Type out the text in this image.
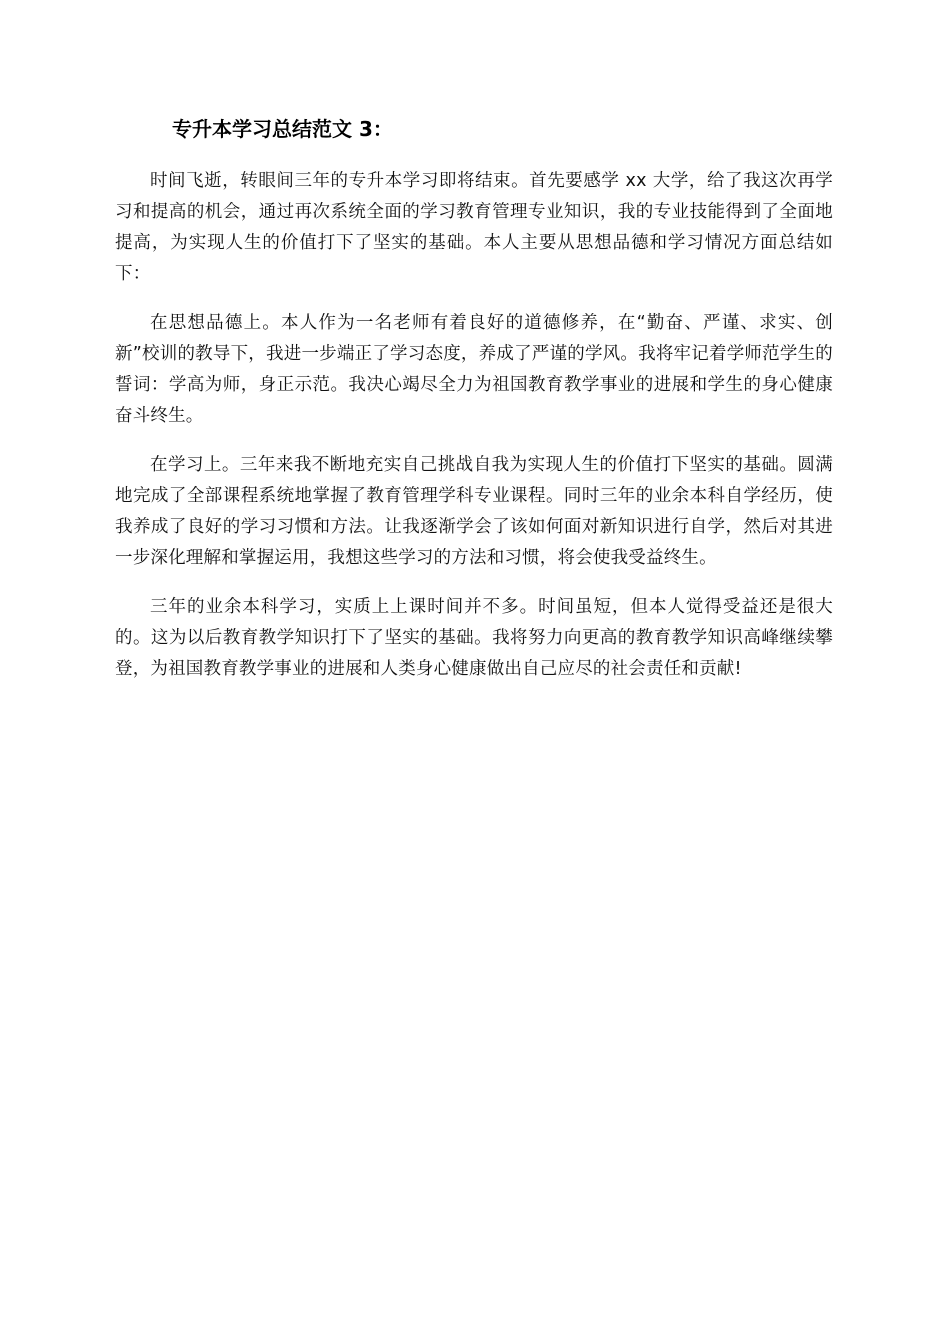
专升本学习总结范文 3：

时间飞逝，转眼间三年的专升本学习即将结束。首先要感学 xx 大学，给了我这次再学习和提高的机会，通过再次系统全面的学习教育管理专业知识，我的专业技能得到了全面地提高，为实现人生的价值打下了坚实的基础。本人主要从思想品德和学习情况方面总结如下：

在思想品德上。本人作为一名老师有着良好的道德修养，在“勤奋、严谨、求实、创新”校训的教导下，我进一步端正了学习态度，养成了严谨的学风。我将牢记着学师范学生的誓词：学高为师，身正示范。我决心竭尽全力为祖国教育教学事业的进展和学生的身心健康奋斗终生。

在学习上。三年来我不断地充实自己挑战自我为实现人生的价值打下坚实的基础。圆满地完成了全部课程系统地掌握了教育管理学科专业课程。同时三年的业余本科自学经历，使我养成了良好的学习习惯和方法。让我逐渐学会了该如何面对新知识进行自学，然后对其进一步深化理解和掌握运用，我想这些学习的方法和习惯，将会使我受益终生。

三年的业余本科学习，实质上上课时间并不多。时间虽短，但本人觉得受益还是很大的。这为以后教育教学知识打下了坚实的基础。我将努力向更高的教育教学知识高峰继续攀登，为祖国教育教学事业的进展和人类身心健康做出自己应尽的社会责任和贡献!
